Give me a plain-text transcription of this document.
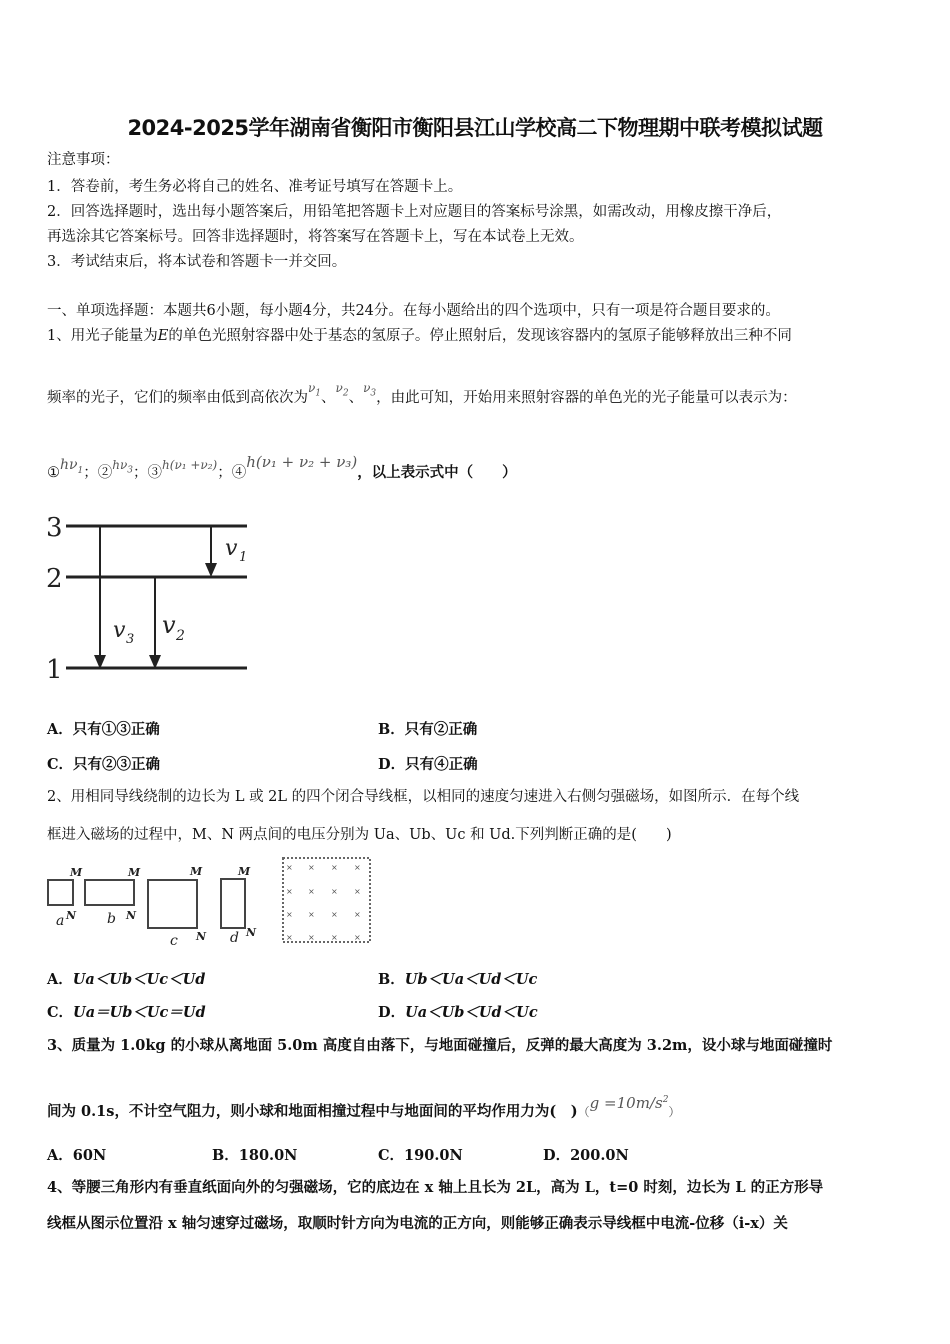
2024-2025学年湖南省衡阳市衡阳县江山学校高二下物理期中联考模拟试题
注意事项：
1．答卷前，考生务必将自己的姓名、准考证号填写在答题卡上。
2．回答选择题时，选出每小题答案后，用铅笔把答题卡上对应题目的答案标号涂黑，如需改动，用橡皮擦干净后，
再选涂其它答案标号。回答非选择题时，将答案写在答题卡上，写在本试卷上无效。
3．考试结束后，将本试卷和答题卡一并交回。
一、单项选择题：本题共6小题，每小题4分，共24分。在每小题给出的四个选项中，只有一项是符合题目要求的。
1、用光子能量为E的单色光照射容器中处于基态的氢原子。停止照射后，发现该容器内的氢原子能够释放出三种不同
频率的光子，它们的频率由低到高依次为$^{\nu_1}$、$^{\nu_2}$、$^{\nu_3}$，由此可知，开始用来照射容器的单色光的光子能量可以表示为：
$①h\nu_1$；②$^{h\nu_3}$；③$^{h(\nu_1 +\nu_2)}$；④h(ν₁ + ν₂ + ν₃)，以上表示式中（　　）
3
2
1
v 1
v 3
v 2
A．只有①③正确	B．只有②正确
C．只有②③正确	D．只有④正确
2、用相同导线绕制的边长为 L 或 2L 的四个闭合导线框，以相同的速度匀速进入右侧匀强磁场，如图所示．在每个线
框进入磁场的过程中，M、N 两点间的电压分别为 Ua、Ub、Uc 和 Ud.下列判断正确的是(　　)
M	M	M	M
N	N
N	N
a	b
c	d
× × × ×
× × × ×
× × × ×
× × × ×
A．Ua＜Ub＜Uc＜Ud	B．Ub＜Ua＜Ud＜Uc
C．Ua＝Ub＜Uc＝Ud	D．Ua＜Ub＜Ud＜Uc
3、质量为 1.0kg 的小球从离地面 5.0m 高度自由落下，与地面碰撞后，反弹的最大高度为 3.2m，设小球与地面碰撞时
间为 0.1s，不计空气阻力，则小球和地面相撞过程中与地面间的平均作用力为(　)$(g =10m/s^2)$
A．60N	B．180.0N	C．190.0N	D．200.0N
4、等腰三角形内有垂直纸面向外的匀强磁场，它的底边在 x 轴上且长为 2L，高为 L，t=0 时刻，边长为 L 的正方形导
线框从图示位置沿 x 轴匀速穿过磁场，取顺时针方向为电流的正方向，则能够正确表示导线框中电流-位移（i-x）关
